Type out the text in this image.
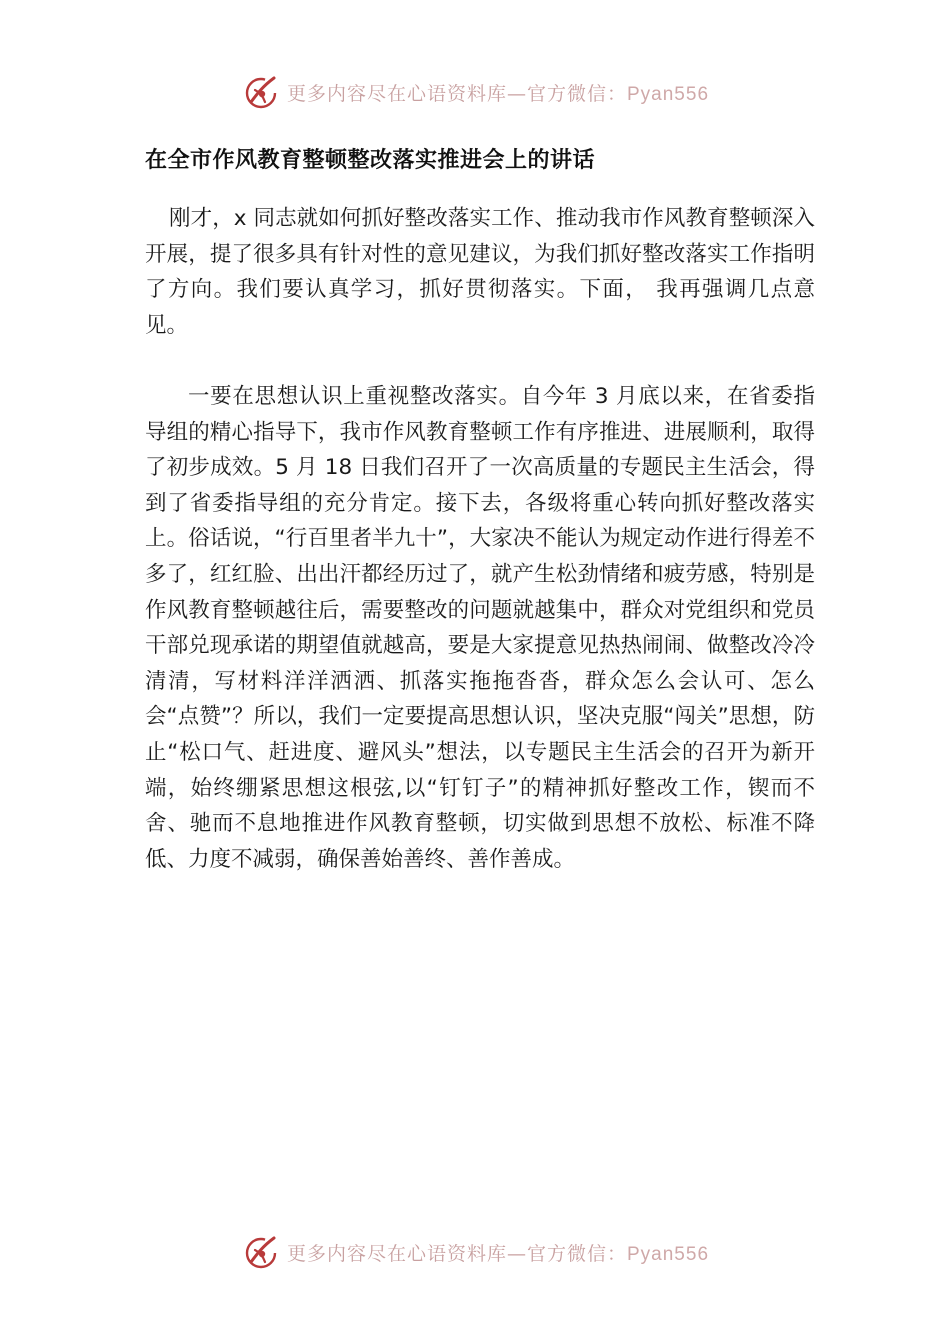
更多内容尽在心语资料库—官方微信：Pyan556
在全市作风教育整顿整改落实推进会上的讲话

刚才，x 同志就如何抓好整改落实工作、推动我市作风教育整顿深入开展，提了很多具有针对性的意见建议，为我们抓好整改落实工作指明了方向。我们要认真学习，抓好贯彻落实。下面， 我再强调几点意见。

一要在思想认识上重视整改落实。自今年 3 月底以来，在省委指导组的精心指导下，我市作风教育整顿工作有序推进、进展顺利，取得了初步成效。5 月 18 日我们召开了一次高质量的专题民主生活会，得到了省委指导组的充分肯定。接下去，各级将重心转向抓好整改落实上。俗话说，“行百里者半九十”，大家决不能认为规定动作进行得差不多了，红红脸、出出汗都经历过了，就产生松劲情绪和疲劳感，特别是作风教育整顿越往后，需要整改的问题就越集中，群众对党组织和党员干部兑现承诺的期望值就越高，要是大家提意见热热闹闹、做整改冷冷清清，写材料洋洋洒洒、抓落实拖拖沓沓，群众怎么会认可、怎么会“点赞”？所以，我们一定要提高思想认识，坚决克服“闯关”思想，防止“松口气、赶进度、避风头”想法，以专题民主生活会的召开为新开端，始终绷紧思想这根弦,以“钉钉子”的精神抓好整改工作，锲而不舍、驰而不息地推进作风教育整顿，切实做到思想不放松、标准不降低、力度不减弱，确保善始善终、善作善成。

更多内容尽在心语资料库—官方微信：Pyan556
